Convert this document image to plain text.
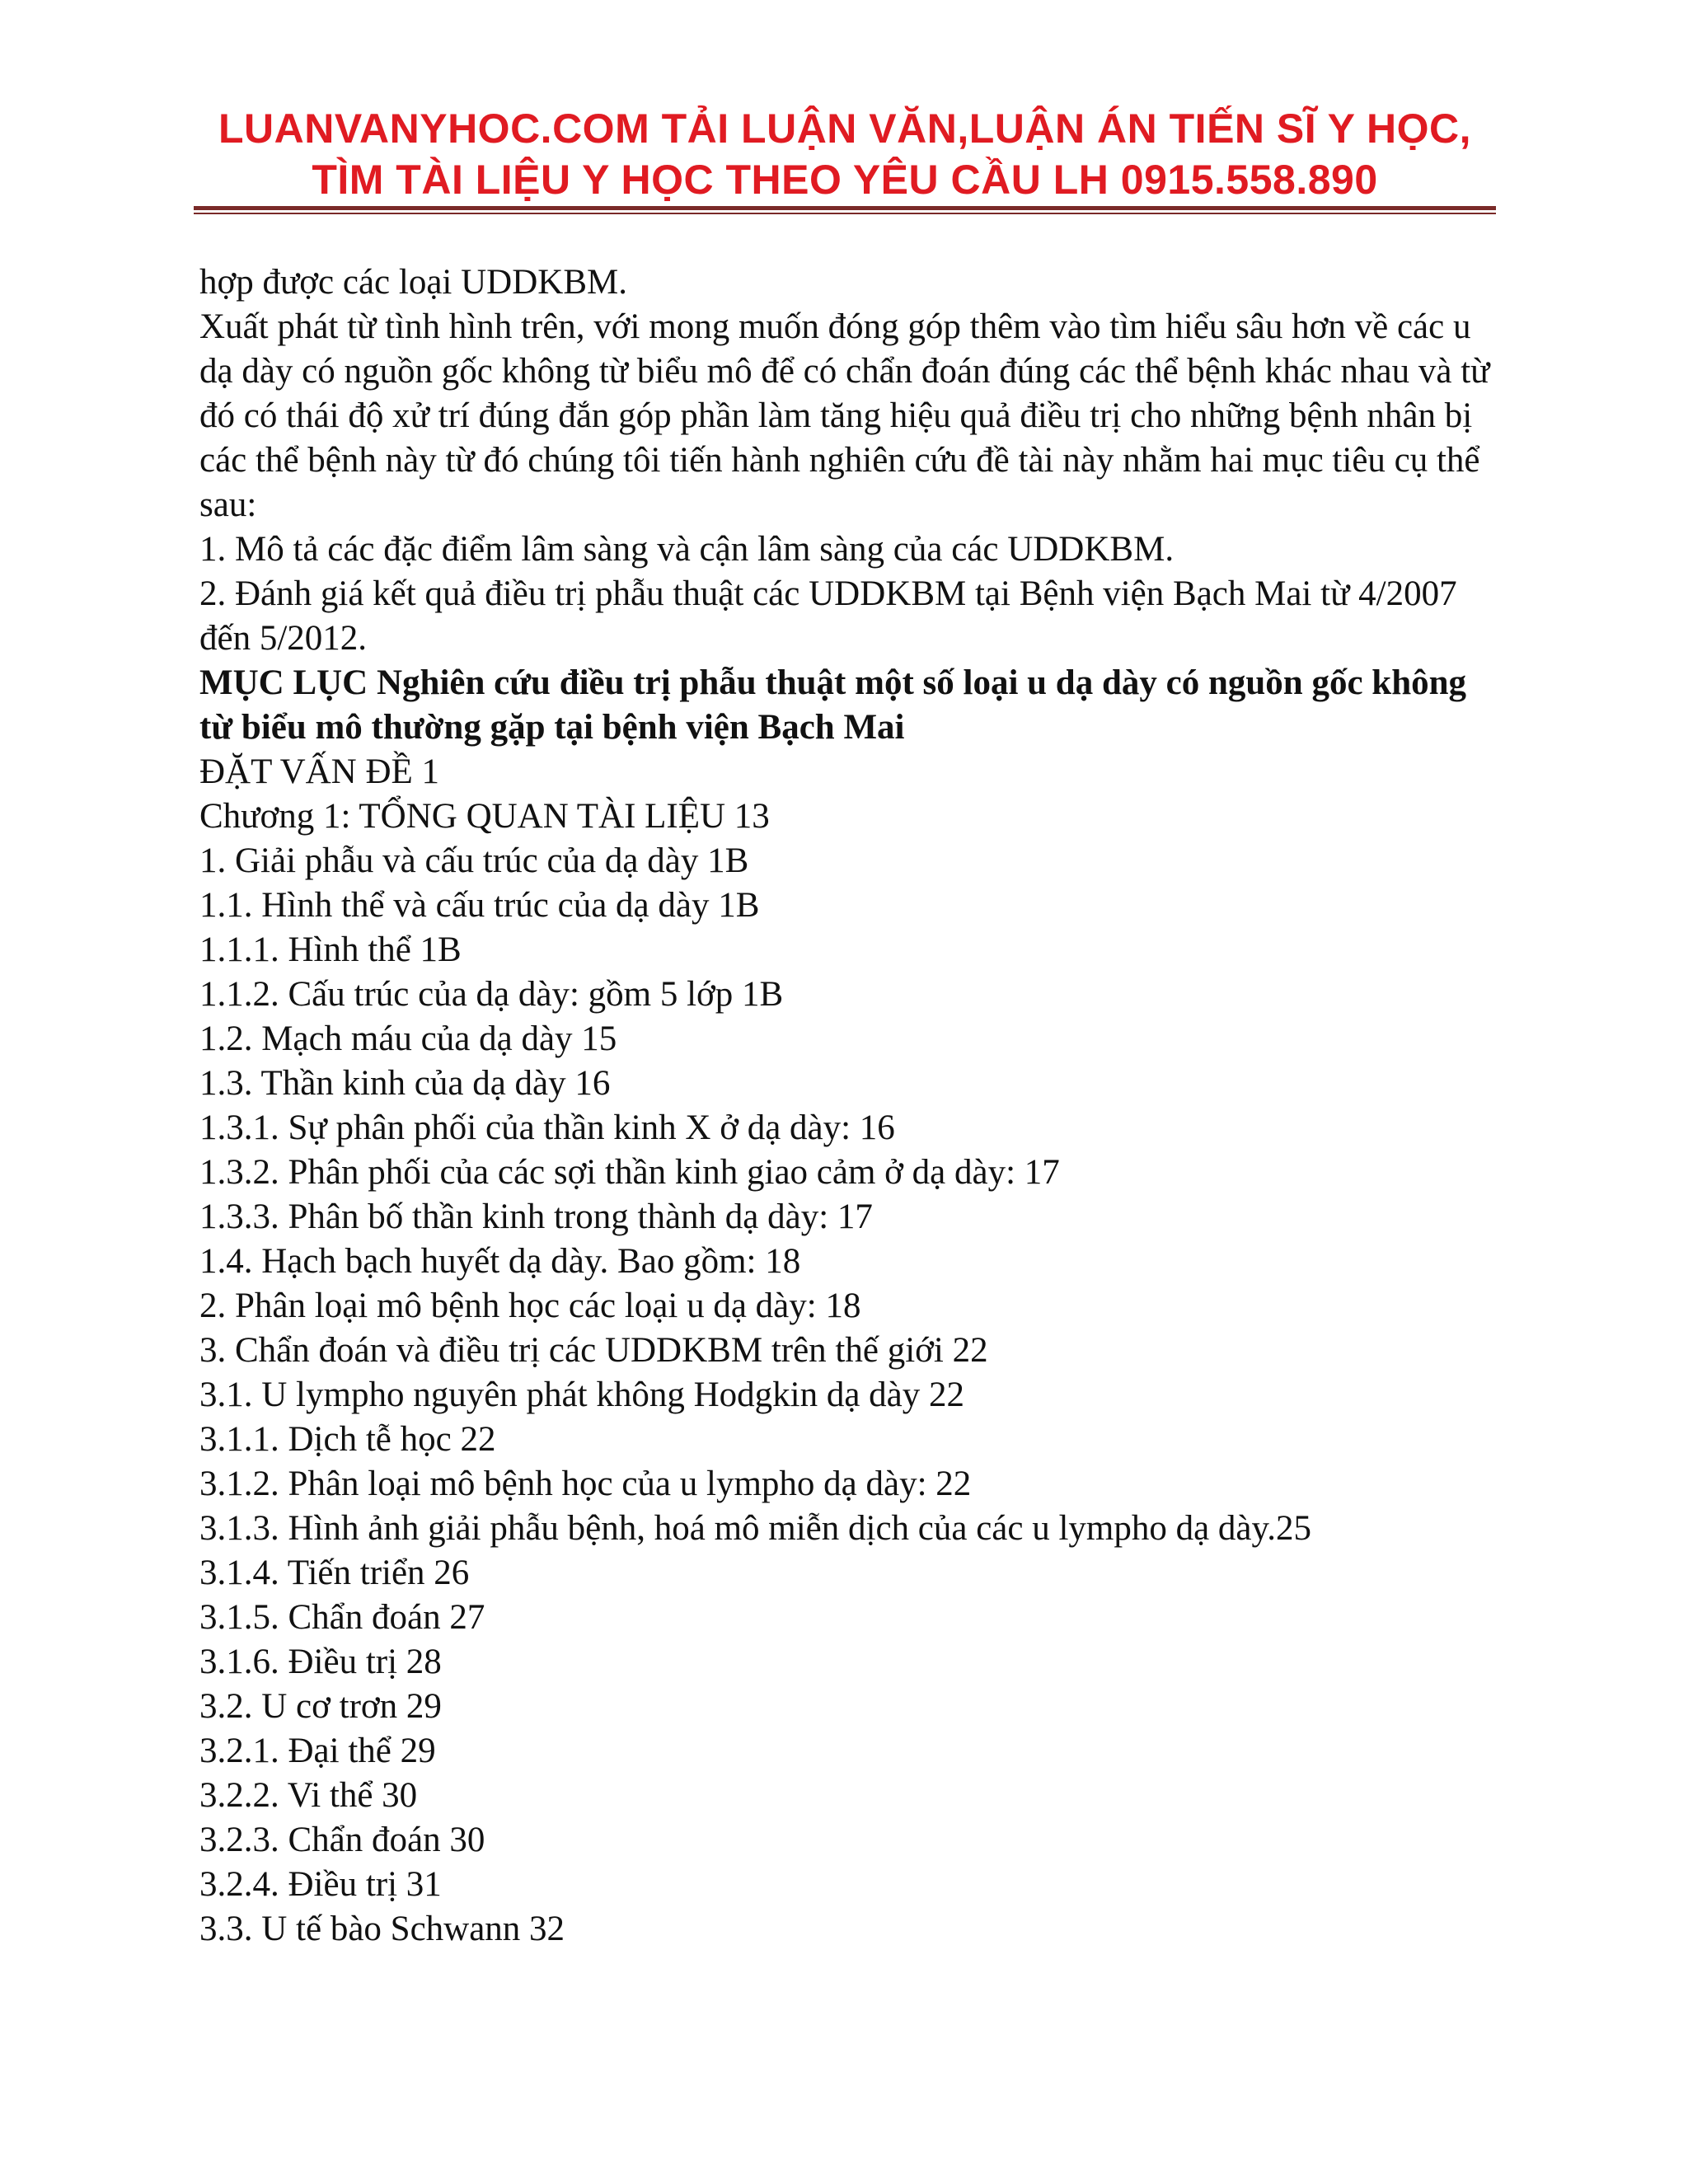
LUANVANYHOC.COM TẢI LUẬN VĂN,LUẬN ÁN TIẾN SĨ Y HỌC,
TÌM TÀI LIỆU Y HỌC THEO YÊU CẦU LH 0915.558.890

hợp được các loại UDDKBM.

Xuất phát từ tình hình trên, với mong muốn đóng góp thêm vào tìm hiểu sâu hơn về các u dạ dày có nguồn gốc không từ biểu mô để có chẩn đoán đúng các thể bệnh khác nhau và từ đó có thái độ xử trí đúng đắn góp phần làm tăng hiệu quả điều trị cho những bệnh nhân bị các thể bệnh này từ đó chúng tôi tiến hành nghiên cứu đề tài này nhằm hai mục tiêu cụ thể sau:

1. Mô tả các đặc điểm lâm sàng và cận lâm sàng của các UDDKBM.

2. Đánh giá kết quả điều trị phẫu thuật các UDDKBM tại Bệnh viện Bạch Mai từ 4/2007 đến 5/2012.

MỤC LỤC Nghiên cứu điều trị phẫu thuật một số loại u dạ dày có nguồn gốc không từ biểu mô thường gặp tại bệnh viện Bạch Mai

ĐẶT VẤN ĐỀ 1

Chương 1: TỔNG QUAN TÀI LIỆU 13

1. Giải phẫu và cấu trúc của dạ dày 1B

1.1. Hình thể và cấu trúc của dạ dày 1B

1.1.1. Hình thể 1B

1.1.2. Cấu trúc của dạ dày: gồm 5 lớp 1B

1.2. Mạch máu của dạ dày 15

1.3. Thần kinh của dạ dày 16

1.3.1. Sự phân phối của thần kinh X ở dạ dày: 16

1.3.2. Phân phối của các sợi thần kinh giao cảm ở dạ dày: 17

1.3.3. Phân bố thần kinh trong thành dạ dày: 17

1.4. Hạch bạch huyết dạ dày. Bao gồm: 18

2. Phân loại mô bệnh học các loại u dạ dày: 18

3. Chẩn đoán và điều trị các UDDKBM trên thế giới 22

3.1. U lympho nguyên phát không Hodgkin dạ dày 22

3.1.1. Dịch tễ học 22

3.1.2. Phân loại mô bệnh học của u lympho dạ dày: 22

3.1.3. Hình ảnh giải phẫu bệnh, hoá mô miễn dịch của các u lympho dạ dày.25

3.1.4. Tiến triển 26

3.1.5. Chẩn đoán 27

3.1.6. Điều trị 28

3.2. U cơ trơn 29

3.2.1. Đại thể 29

3.2.2. Vi thể 30

3.2.3. Chẩn đoán 30

3.2.4. Điều trị 31

3.3. U tế bào Schwann 32
